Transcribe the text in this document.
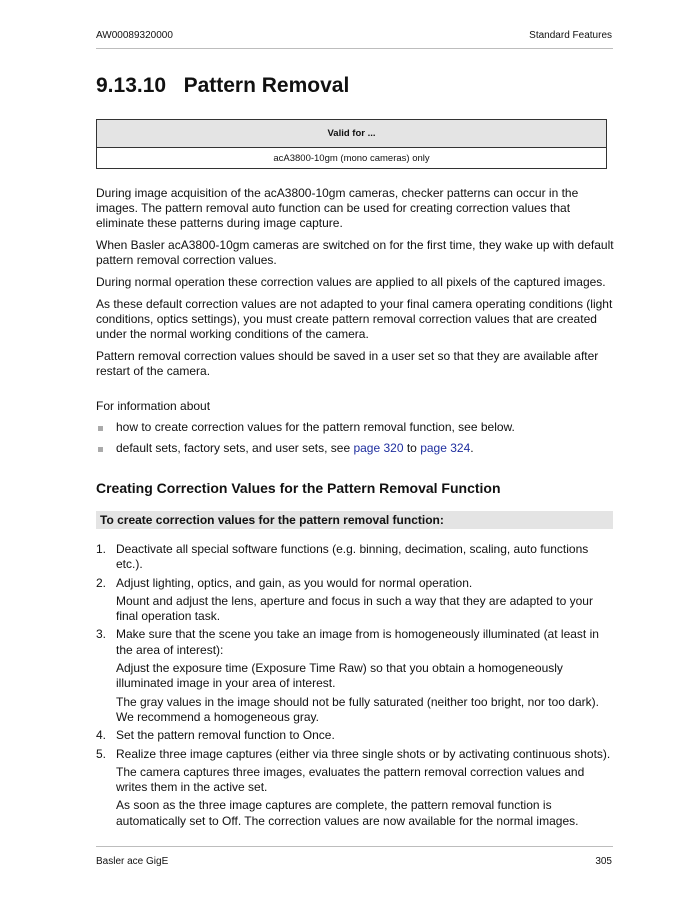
AW00089320000	Standard Features
9.13.10   Pattern Removal
Valid for ...
acA3800-10gm (mono cameras) only

During image acquisition of the acA3800-10gm cameras, checker patterns can occur in the images. The pattern removal auto function can be used for creating correction values that eliminate these patterns during image capture.

When Basler acA3800-10gm cameras are switched on for the first time, they wake up with default pattern removal correction values.

During normal operation these correction values are applied to all pixels of the captured images.

As these default correction values are not adapted to your final camera operating conditions (light conditions, optics settings), you must create pattern removal correction values that are created under the normal working conditions of the camera.

Pattern removal correction values should be saved in a user set so that they are available after restart of the camera.

For information about
how to create correction values for the pattern removal function, see below.
default sets, factory sets, and user sets, see page 320 to page 324.
Creating Correction Values for the Pattern Removal Function
To create correction values for the pattern removal function:
1. Deactivate all special software functions (e.g. binning, decimation, scaling, auto functions etc.).

2. Adjust lighting, optics, and gain, as you would for normal operation.

Mount and adjust the lens, aperture and focus in such a way that they are adapted to your final operation task.

3. Make sure that the scene you take an image from is homogeneously illuminated (at least in the area of interest):

Adjust the exposure time (Exposure Time Raw) so that you obtain a homogeneously illuminated image in your area of interest.

The gray values in the image should not be fully saturated (neither too bright, nor too dark). We recommend a homogeneous gray.

4. Set the pattern removal function to Once.

5. Realize three image captures (either via three single shots or by activating continuous shots).

The camera captures three images, evaluates the pattern removal correction values and writes them in the active set.

As soon as the three image captures are complete, the pattern removal function is automatically set to Off. The correction values are now available for the normal images.

Basler ace GigE	305
